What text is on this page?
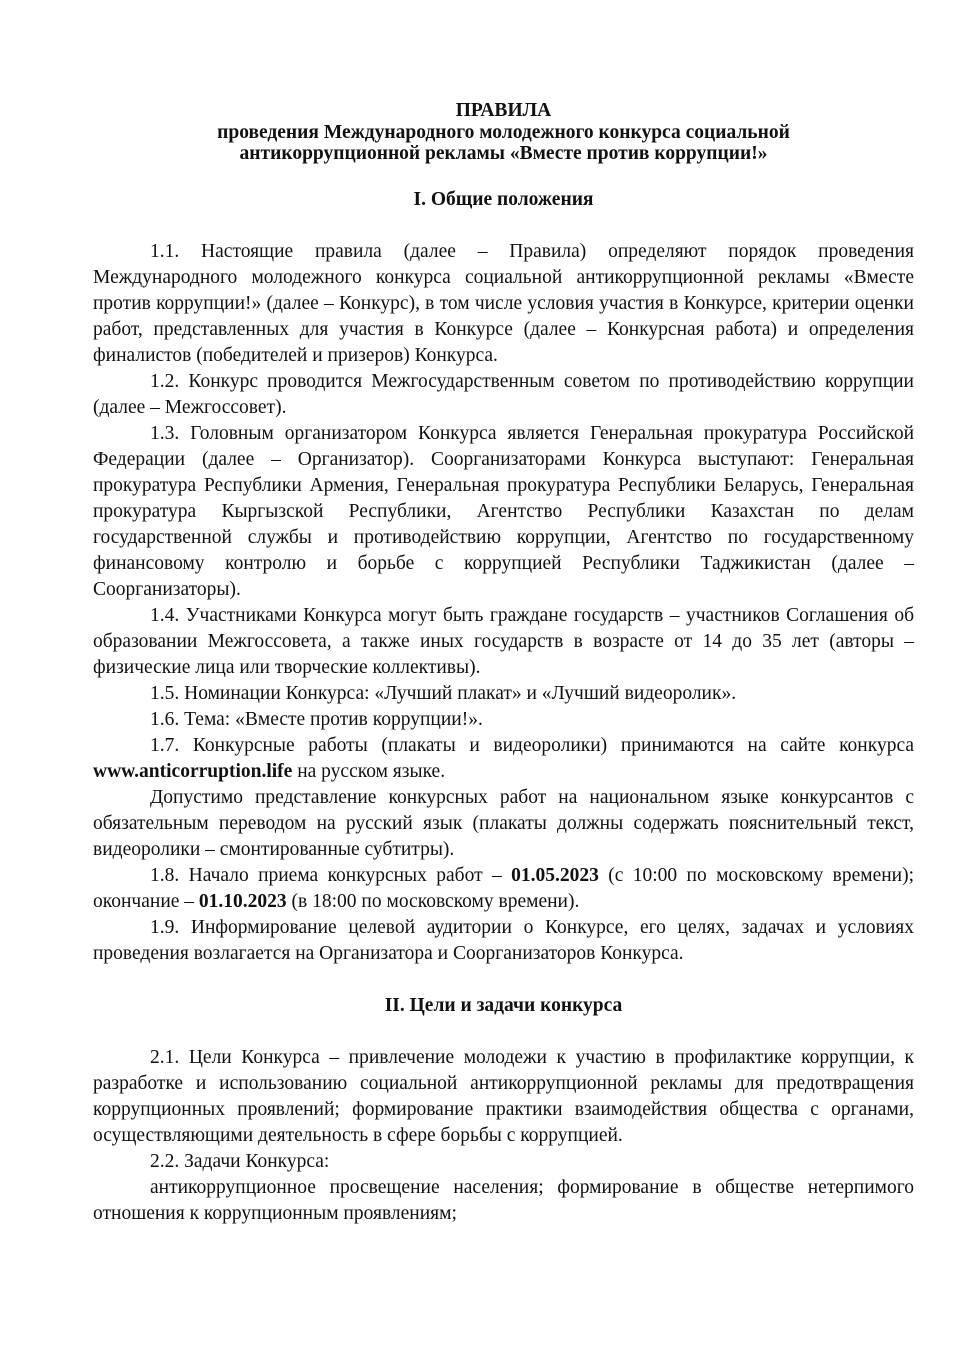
ПРАВИЛА
проведения Международного молодежного конкурса социальной
антикоррупционной рекламы «Вместе против коррупции!»
I. Общие положения

1.1. Настоящие правила (далее – Правила) определяют порядок проведения Международного молодежного конкурса социальной антикоррупционной рекламы «Вместе против коррупции!» (далее – Конкурс), в том числе условия участия в Конкурсе, критерии оценки работ, представленных для участия в Конкурсе (далее – Конкурсная работа) и определения финалистов (победителей и призеров) Конкурса.

1.2. Конкурс проводится Межгосударственным советом по противодействию коррупции (далее – Межгоссовет).

1.3. Головным организатором Конкурса является Генеральная прокуратура Российской Федерации (далее – Организатор). Соорганизаторами Конкурса выступают: Генеральная прокуратура Республики Армения, Генеральная прокуратура Республики Беларусь, Генеральная прокуратура Кыргызской Республики, Агентство Республики Казахстан по делам государственной службы и противодействию коррупции, Агентство по государственному финансовому контролю и борьбе с коррупцией Республики Таджикистан (далее – Соорганизаторы).

1.4. Участниками Конкурса могут быть граждане государств – участников Соглашения об образовании Межгоссовета, а также иных государств в возрасте от 14 до 35 лет (авторы – физические лица или творческие коллективы).

1.5. Номинации Конкурса: «Лучший плакат» и «Лучший видеоролик».

1.6. Тема: «Вместе против коррупции!».

1.7. Конкурсные работы (плакаты и видеоролики) принимаются на сайте конкурса www.anticorruption.life на русском языке.

Допустимо представление конкурсных работ на национальном языке конкурсантов с обязательным переводом на русский язык (плакаты должны содержать пояснительный текст, видеоролики – смонтированные субтитры).

1.8. Начало приема конкурсных работ – 01.05.2023 (с 10:00 по московскому времени); окончание – 01.10.2023 (в 18:00 по московскому времени).

1.9. Информирование целевой аудитории о Конкурсе, его целях, задачах и условиях проведения возлагается на Организатора и Соорганизаторов Конкурса.

II. Цели и задачи конкурса

2.1. Цели Конкурса – привлечение молодежи к участию в профилактике коррупции, к разработке и использованию социальной антикоррупционной рекламы для предотвращения коррупционных проявлений; формирование практики взаимодействия общества с органами, осуществляющими деятельность в сфере борьбы с коррупцией.

2.2. Задачи Конкурса:

антикоррупционное просвещение населения; формирование в обществе нетерпимого отношения к коррупционным проявлениям;
